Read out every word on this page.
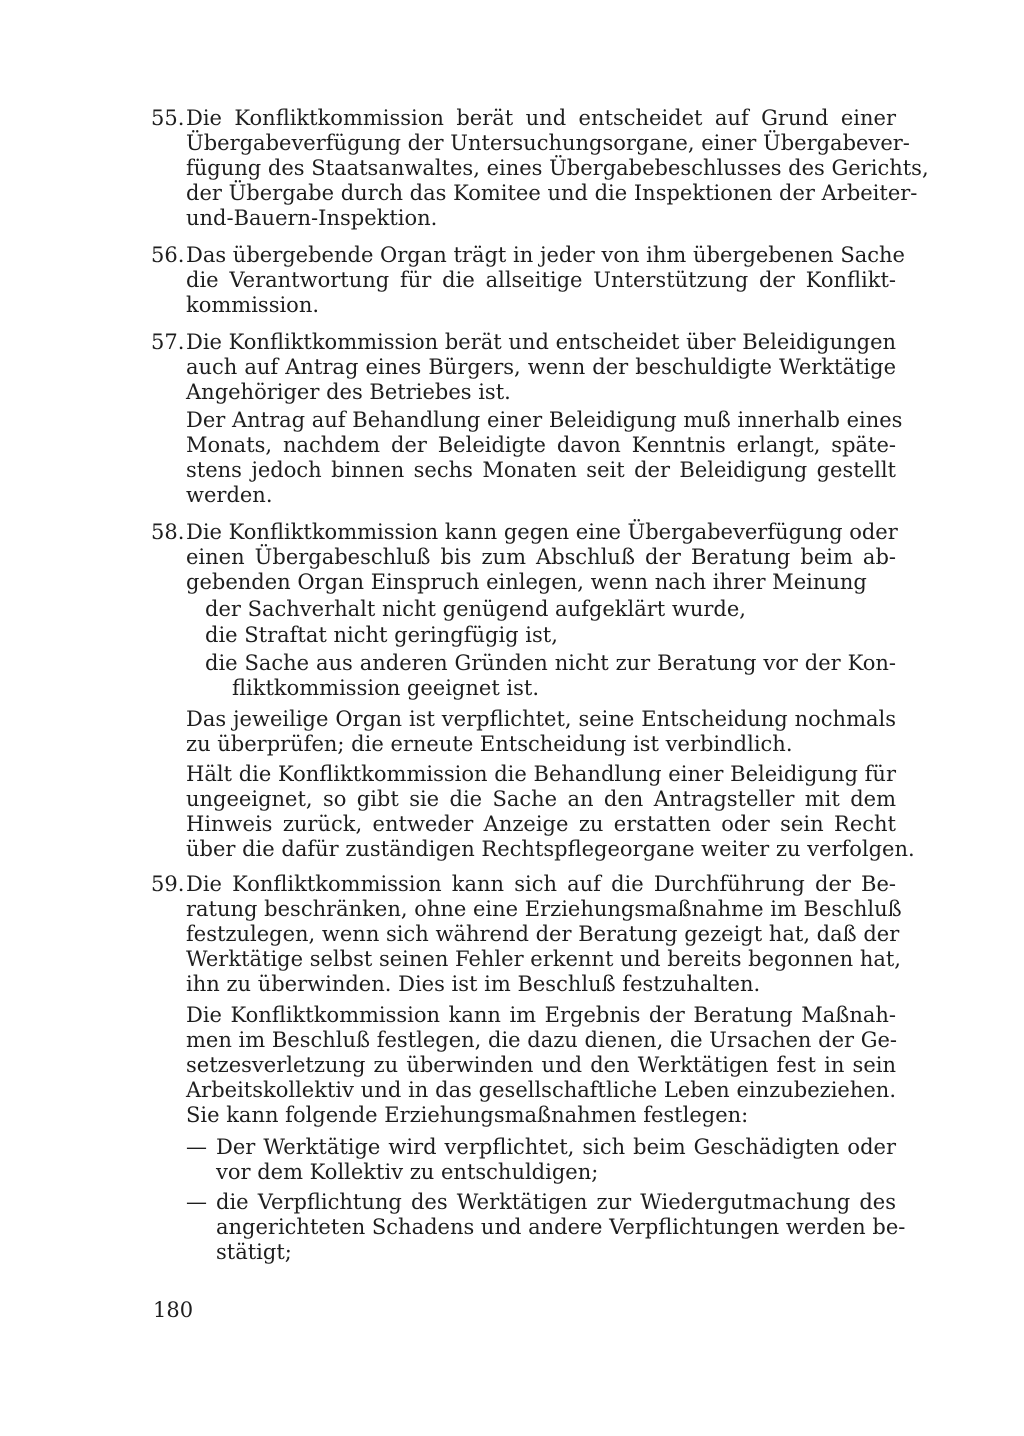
55. Die Konfliktkommission berät und entscheidet auf Grund einer

Übergabeverfügung der Untersuchungsorgane, einer Übergabever-

fügung des Staatsanwaltes, eines Übergabebeschlusses des Gerichts,

der Übergabe durch das Komitee und die Inspektionen der Arbeiter-

und-Bauern-Inspektion.

56. Das übergebende Organ trägt in jeder von ihm übergebenen Sache

die Verantwortung für die allseitige Unterstützung der Konflikt-

kommission.

57. Die Konfliktkommission berät und entscheidet über Beleidigungen

auch auf Antrag eines Bürgers, wenn der beschuldigte Werktätige

Angehöriger des Betriebes ist.

Der Antrag auf Behandlung einer Beleidigung muß innerhalb eines

Monats, nachdem der Beleidigte davon Kenntnis erlangt, späte-

stens jedoch binnen sechs Monaten seit der Beleidigung gestellt

werden.

58. Die Konfliktkommission kann gegen eine Übergabeverfügung oder

einen Übergabeschluß bis zum Abschluß der Beratung beim ab-

gebenden Organ Einspruch einlegen, wenn nach ihrer Meinung

der Sachverhalt nicht genügend aufgeklärt wurde,

die Straftat nicht geringfügig ist,

die Sache aus anderen Gründen nicht zur Beratung vor der Kon-

fliktkommission geeignet ist.

Das jeweilige Organ ist verpflichtet, seine Entscheidung nochmals

zu überprüfen; die erneute Entscheidung ist verbindlich.

Hält die Konfliktkommission die Behandlung einer Beleidigung für

ungeeignet, so gibt sie die Sache an den Antragsteller mit dem

Hinweis zurück, entweder Anzeige zu erstatten oder sein Recht

über die dafür zuständigen Rechtspflegeorgane weiter zu verfolgen.

59. Die Konfliktkommission kann sich auf die Durchführung der Be-

ratung beschränken, ohne eine Erziehungsmaßnahme im Beschluß

festzulegen, wenn sich während der Beratung gezeigt hat, daß der

Werktätige selbst seinen Fehler erkennt und bereits begonnen hat,

ihn zu überwinden. Dies ist im Beschluß festzuhalten.

Die Konfliktkommission kann im Ergebnis der Beratung Maßnah-

men im Beschluß festlegen, die dazu dienen, die Ursachen der Ge-

setzesverletzung zu überwinden und den Werktätigen fest in sein

Arbeitskollektiv und in das gesellschaftliche Leben einzubeziehen.

Sie kann folgende Erziehungsmaßnahmen festlegen:

— Der Werktätige wird verpflichtet, sich beim Geschädigten oder

vor dem Kollektiv zu entschuldigen;

— die Verpflichtung des Werktätigen zur Wiedergutmachung des

angerichteten Schadens und andere Verpflichtungen werden be-

stätigt;

180
